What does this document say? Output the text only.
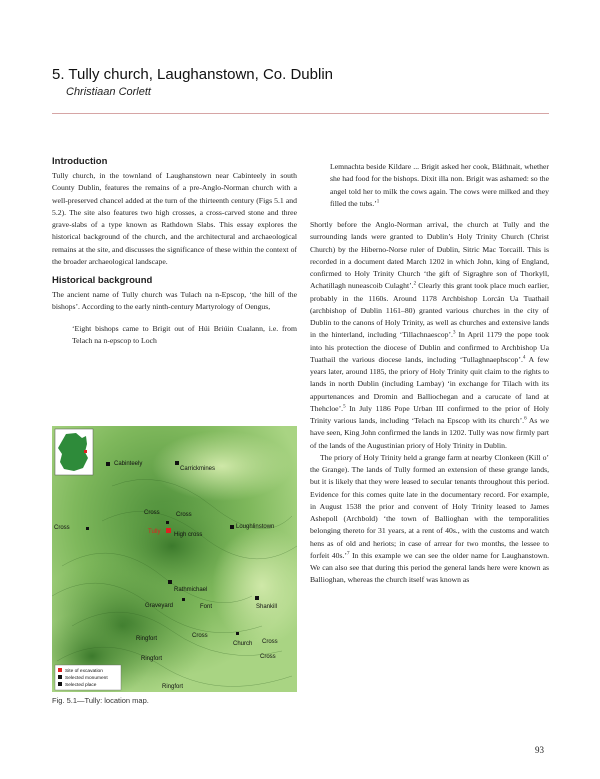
5. Tully church, Laughanstown, Co. Dublin
Christiaan Corlett
Introduction

Tully church, in the townland of Laughanstown near Cabinteely in south County Dublin, features the remains of a pre-Anglo-Norman church with a well-preserved chancel added at the turn of the thirteenth century (Figs 5.1 and 5.2). The site also features two high crosses, a cross-carved stone and three grave-slabs of a type known as Rathdown Slabs. This essay explores the historical background of the church, and the architectural and archaeological remains at the site, and discusses the significance of these within the context of the broader archaeological landscape.

Historical background

The ancient name of Tully church was Tulach na n-Epscop, ‘the hill of the bishops’. According to the early ninth-century Martyrology of Oengus,

‘Eight bishops came to Brigit out of Húi Briúin Cualann, i.e. from Telach na n-epscop to Loch

Cabinteely
Carrickmines
Cross	Cross
Tully High cross
Cross	Loughlinstown
Rathmichael
Graveyard	Font	Shankill
Ringfort	Cross
Church Cross
Ringfort	Cross
Ringfort
Site of excavation
Selected monument
Selected place
Fig. 5.1—Tully: location map.

Lemnachta beside Kildare ... Brigit asked her cook, Bláthnait, whether she had food for the bishops. Dixit illa non. Brigit was ashamed: so the angel told her to milk the cows again. The cows were milked and they filled the tubs.’$^1$

Shortly before the Anglo-Norman arrival, the church at Tully and the surrounding lands were granted to Dublin’s Holy Trinity Church (Christ Church) by the Hiberno-Norse ruler of Dublin, Sitric Mac Torcaill. This is recorded in a document dated March 1202 in which John, king of England, confirmed to Holy Trinity Church ‘the gift of Sigraghre son of Thorkyll, Achatillagh nuneascoib Culaght’.$^2$ Clearly this grant took place much earlier, probably in the 1160s. Around 1178 Archbishop Lorcán Ua Tuathail (archbishop of Dublin 1161–80) granted various churches in the city of Dublin to the canons of Holy Trinity, as well as churches and extensive lands in the hinterland, including ‘Tillachnaescop’.$^3$ In April 1179 the pope took into his protection the diocese of Dublin and confirmed to Archbishop Ua Tuathail the various diocese lands, including ‘Tullaghnaephscop’.$^4$ A few years later, around 1185, the priory of Holy Trinity quit claim to the rights to lands in north Dublin (including Lambay) ‘in exchange for Tilach with its appurtenances and Dromin and Balliochegan and a carucate of land at Thehcloe’.$^5$ In July 1186 Pope Urban III confirmed to the prior of Holy Trinity various lands, including ‘Telach na Epscop with its church’.$^6$ As we have seen, King John confirmed the lands in 1202. Tully was now firmly part of the lands of the Augustinian priory of Holy Trinity in Dublin.

The priory of Holy Trinity held a grange farm at nearby Clonkeen (Kill o’ the Grange). The lands of Tully formed an extension of these grange lands, but it is likely that they were leased to secular tenants throughout this period. Evidence for this comes quite late in the documentary record. For example, in August 1538 the prior and convent of Holy Trinity leased to James Ashepoll (Archbold) ‘the town of Ballioghan with the temporalities belonging thereto for 31 years, at a rent of 40s., with the customs and watch hens as of old and heriots; in case of arrear for two months, the lessee to forfeit 40s.’$^7$ In this example we can see the older name for Laughanstown. We can also see that during this period the general lands here were known as Ballioghan, whereas the church itself was known as

93
